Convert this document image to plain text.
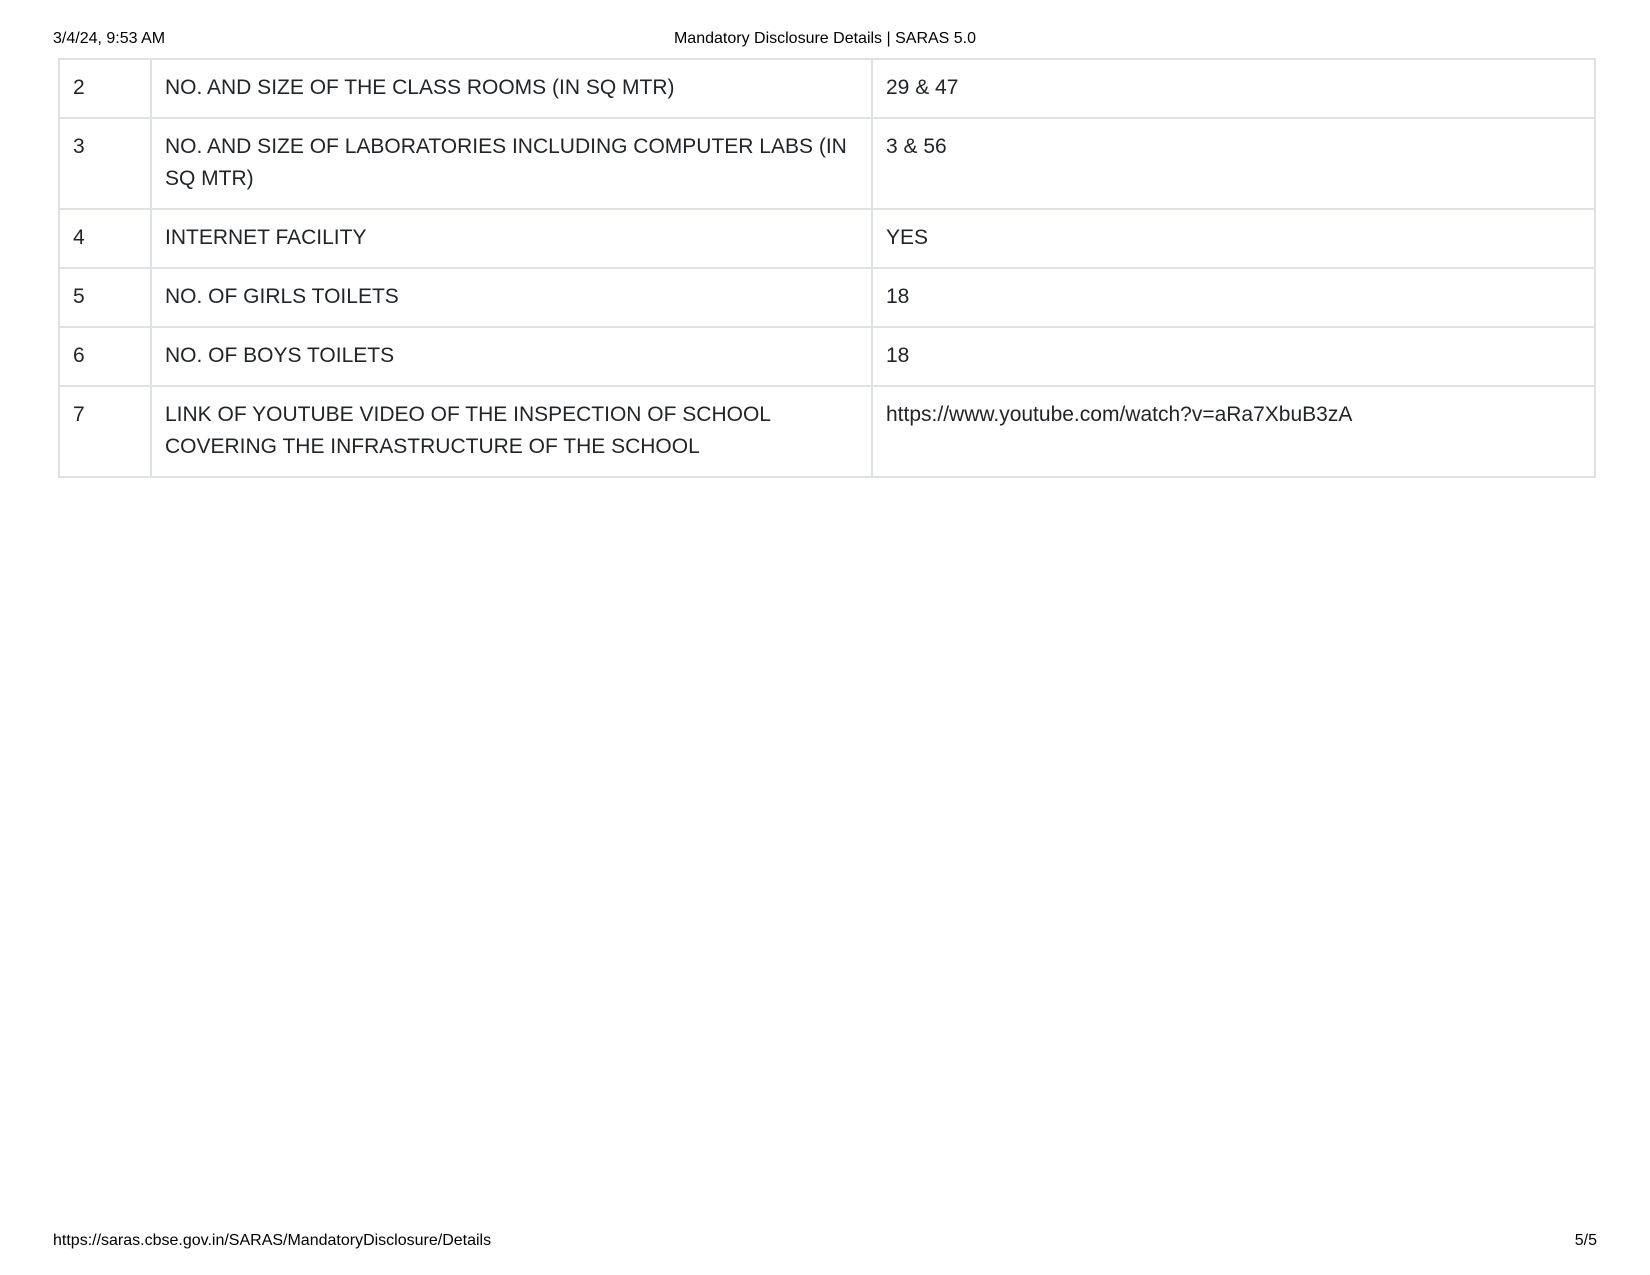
3/4/24, 9:53 AM	Mandatory Disclosure Details | SARAS 5.0
2	NO. AND SIZE OF THE CLASS ROOMS (IN SQ MTR)	29 & 47
3	NO. AND SIZE OF LABORATORIES INCLUDING COMPUTER LABS (IN SQ MTR)	3 & 56
4	INTERNET FACILITY	YES
5	NO. OF GIRLS TOILETS	18
6	NO. OF BOYS TOILETS	18
7	LINK OF YOUTUBE VIDEO OF THE INSPECTION OF SCHOOL COVERING THE INFRASTRUCTURE OF THE SCHOOL	https://www.youtube.com/watch?v=aRa7XbuB3zA
https://saras.cbse.gov.in/SARAS/MandatoryDisclosure/Details	5/5
